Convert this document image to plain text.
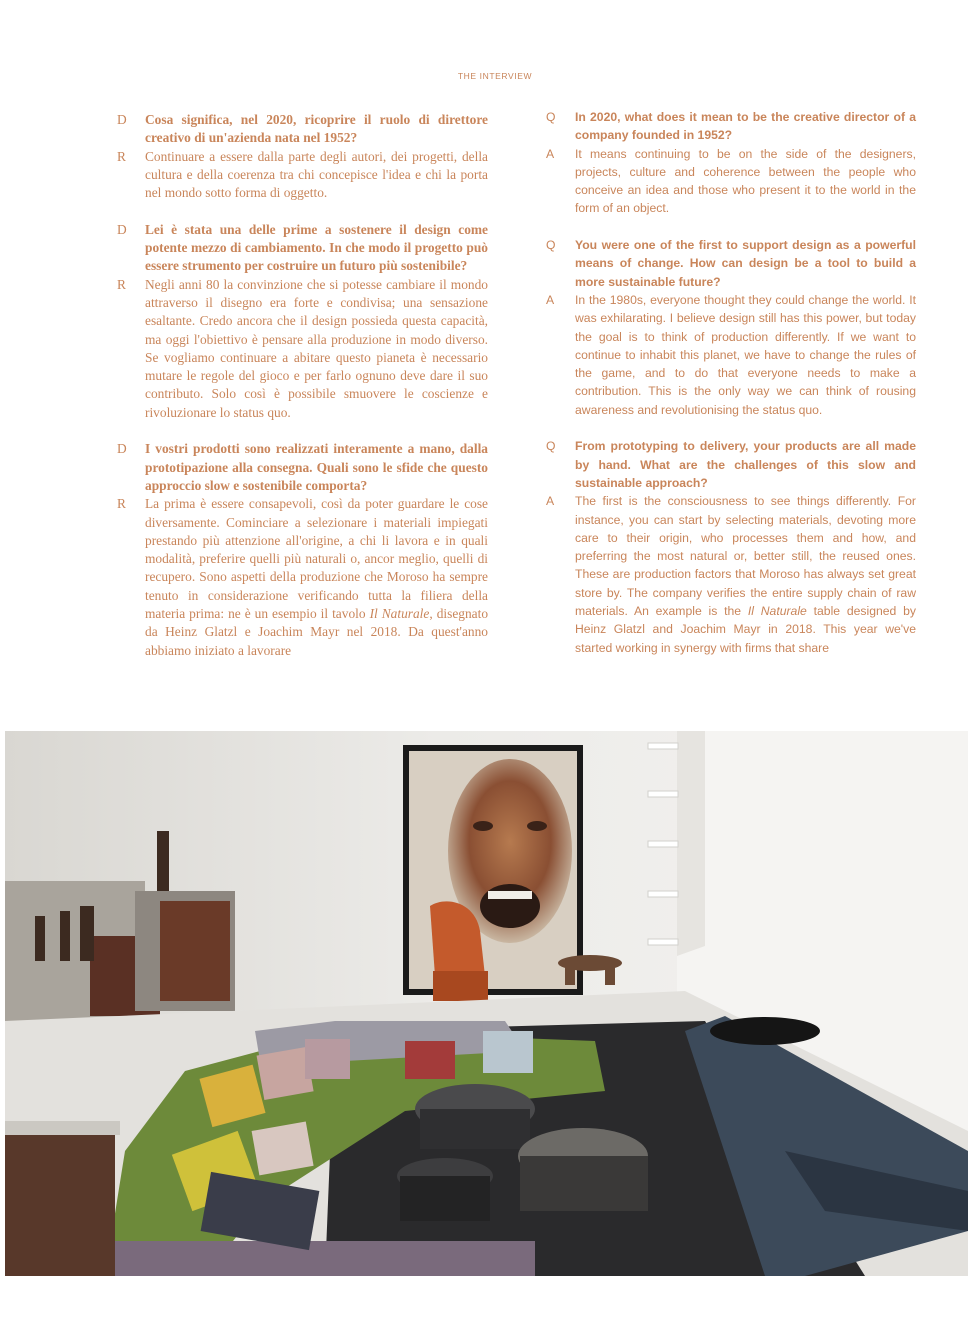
THE INTERVIEW
D	Cosa significa, nel 2020, ricoprire il ruolo di direttore creativo di un'azienda nata nel 1952?
R	Continuare a essere dalla parte degli autori, dei progetti, della cultura e della coerenza tra chi concepisce l'idea e chi la porta nel mondo sotto forma di oggetto.
D	Lei è stata una delle prime a sostenere il design come potente mezzo di cambiamento. In che modo il progetto può essere strumento per costruire un futuro più sostenibile?
R	Negli anni 80 la convinzione che si potesse cambiare il mondo attraverso il disegno era forte e condivisa; una sensazione esaltante. Credo ancora che il design possieda questa capacità, ma oggi l'obiettivo è pensare alla produzione in modo diverso. Se vogliamo continuare a abitare questo pianeta è necessario mutare le regole del gioco e per farlo ognuno deve dare il suo contributo. Solo così è possibile smuovere le coscienze e rivoluzionare lo status quo.
D	I vostri prodotti sono realizzati interamente a mano, dalla prototipazione alla consegna. Quali sono le sfide che questo approccio slow e sostenibile comporta?
R	La prima è essere consapevoli, così da poter guardare le cose diversamente. Cominciare a selezionare i materiali impiegati prestando più attenzione all'origine, a chi li lavora e in quali modalità, preferire quelli più naturali o, ancor meglio, quelli di recupero. Sono aspetti della produzione che Moroso ha sempre tenuto in considerazione verificando tutta la filiera della materia prima: ne è un esempio il tavolo Il Naturale, disegnato da Heinz Glatzl e Joachim Mayr nel 2018. Da quest'anno abbiamo iniziato a lavorare
Q	In 2020, what does it mean to be the creative director of a company founded in 1952?
A	It means continuing to be on the side of the designers, projects, culture and coherence between the people who conceive an idea and those who present it to the world in the form of an object.
Q	You were one of the first to support design as a powerful means of change. How can design be a tool to build a more sustainable future?
A	In the 1980s, everyone thought they could change the world. It was exhilarating. I believe design still has this power, but today the goal is to think of production differently. If we want to continue to inhabit this planet, we have to change the rules of the game, and to do that everyone needs to make a contribution. This is the only way we can think of rousing awareness and revolutionising the status quo.
Q	From prototyping to delivery, your products are all made by hand. What are the challenges of this slow and sustainable approach?
A	The first is the consciousness to see things differently. For instance, you can start by selecting materials, devoting more care to their origin, who processes them and how, and preferring the most natural or, better still, the reused ones. These are production factors that Moroso has always set great store by. The company verifies the entire supply chain of raw materials. An example is the Il Naturale table designed by Heinz Glatzl and Joachim Mayr in 2018. This year we've started working in synergy with firms that share
